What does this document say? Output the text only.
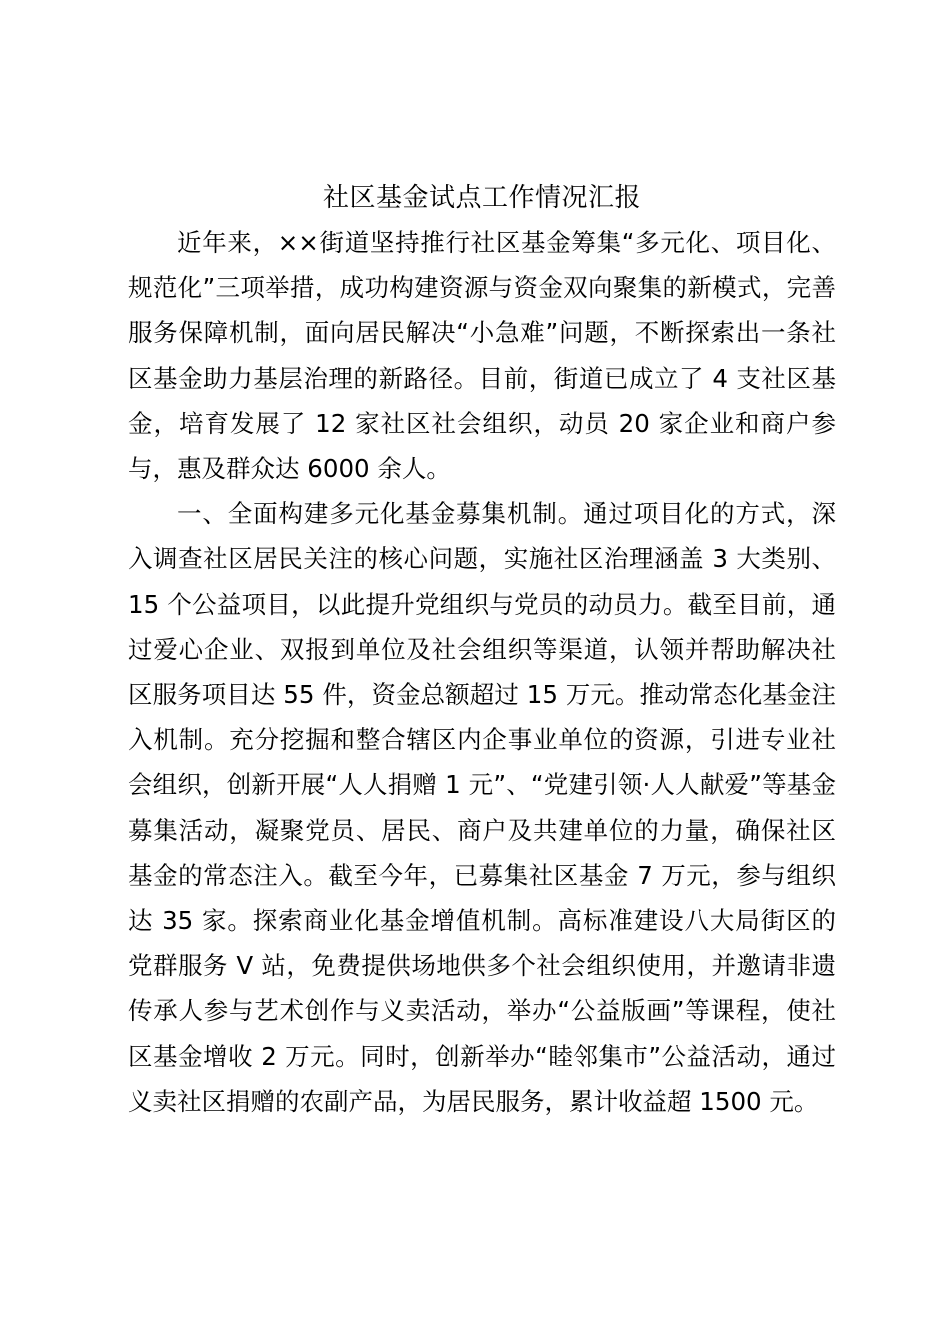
社区基金试点工作情况汇报

近年来，××街道坚持推行社区基金筹集“多元化、项目化、规范化”三项举措，成功构建资源与资金双向聚集的新模式，完善服务保障机制，面向居民解决“小急难”问题，不断探索出一条社区基金助力基层治理的新路径。目前，街道已成立了 4 支社区基金，培育发展了 12 家社区社会组织，动员 20 家企业和商户参与，惠及群众达 6000 余人。

一、全面构建多元化基金募集机制。通过项目化的方式，深入调查社区居民关注的核心问题，实施社区治理涵盖 3 大类别、15 个公益项目，以此提升党组织与党员的动员力。截至目前，通过爱心企业、双报到单位及社会组织等渠道，认领并帮助解决社区服务项目达 55 件，资金总额超过 15 万元。推动常态化基金注入机制。充分挖掘和整合辖区内企事业单位的资源，引进专业社会组织，创新开展“人人捐赠 1 元”、“党建引领·人人献爱”等基金募集活动，凝聚党员、居民、商户及共建单位的力量，确保社区基金的常态注入。截至今年，已募集社区基金 7 万元，参与组织达 35 家。探索商业化基金增值机制。高标准建设八大局街区的党群服务 V 站，免费提供场地供多个社会组织使用，并邀请非遗传承人参与艺术创作与义卖活动，举办“公益版画”等课程，使社区基金增收 2 万元。同时，创新举办“睦邻集市”公益活动，通过义卖社区捐赠的农副产品，为居民服务，累计收益超 1500 元。
